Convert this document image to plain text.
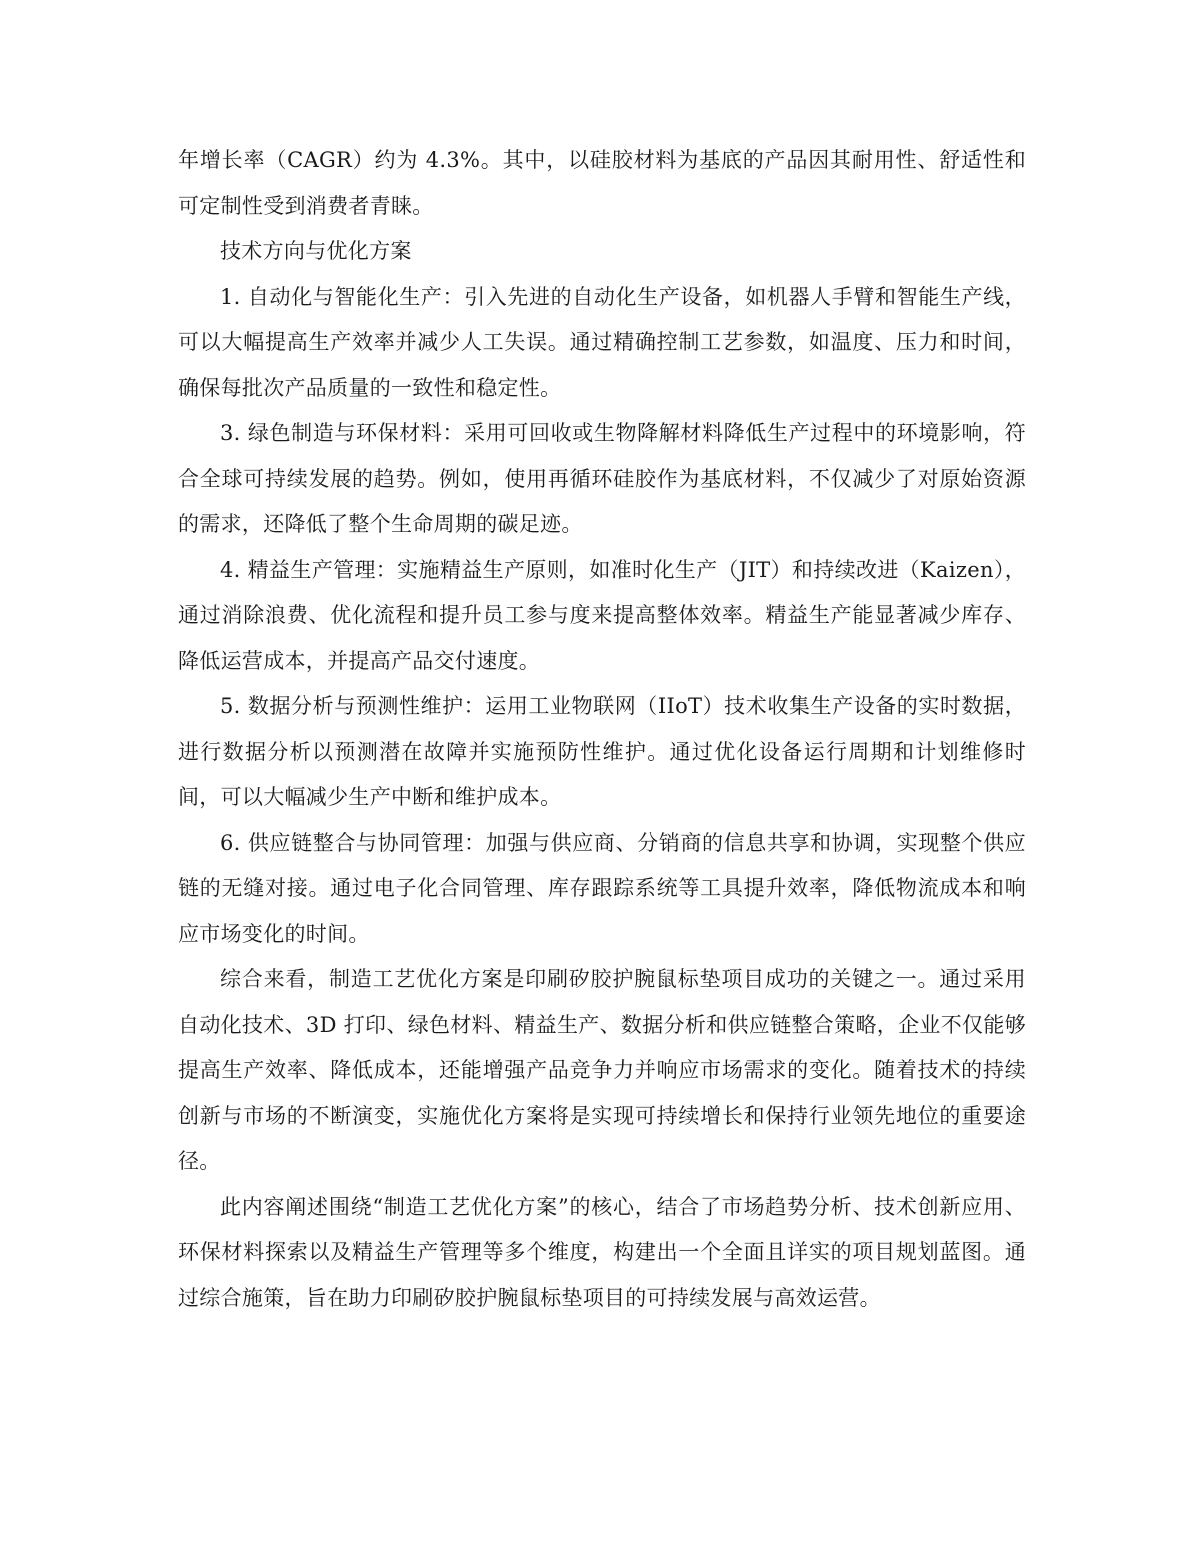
年增长率（CAGR）约为 4.3%。其中，以硅胶材料为基底的产品因其耐用性、舒适性和可定制性受到消费者青睐。

技术方向与优化方案

1. 自动化与智能化生产：引入先进的自动化生产设备，如机器人手臂和智能生产线，可以大幅提高生产效率并减少人工失误。通过精确控制工艺参数，如温度、压力和时间，确保每批次产品质量的一致性和稳定性。

3. 绿色制造与环保材料：采用可回收或生物降解材料降低生产过程中的环境影响，符合全球可持续发展的趋势。例如，使用再循环硅胶作为基底材料，不仅减少了对原始资源的需求，还降低了整个生命周期的碳足迹。

4. 精益生产管理：实施精益生产原则，如准时化生产（JIT）和持续改进（Kaizen），通过消除浪费、优化流程和提升员工参与度来提高整体效率。精益生产能显著减少库存、降低运营成本，并提高产品交付速度。

5. 数据分析与预测性维护：运用工业物联网（IIoT）技术收集生产设备的实时数据，进行数据分析以预测潜在故障并实施预防性维护。通过优化设备运行周期和计划维修时间，可以大幅减少生产中断和维护成本。

6. 供应链整合与协同管理：加强与供应商、分销商的信息共享和协调，实现整个供应链的无缝对接。通过电子化合同管理、库存跟踪系统等工具提升效率，降低物流成本和响应市场变化的时间。

综合来看，制造工艺优化方案是印刷矽胶护腕鼠标垫项目成功的关键之一。通过采用自动化技术、3D 打印、绿色材料、精益生产、数据分析和供应链整合策略，企业不仅能够提高生产效率、降低成本，还能增强产品竞争力并响应市场需求的变化。随着技术的持续创新与市场的不断演变，实施优化方案将是实现可持续增长和保持行业领先地位的重要途径。

此内容阐述围绕“制造工艺优化方案”的核心，结合了市场趋势分析、技术创新应用、环保材料探索以及精益生产管理等多个维度，构建出一个全面且详实的项目规划蓝图。通过综合施策，旨在助力印刷矽胶护腕鼠标垫项目的可持续发展与高效运营。
